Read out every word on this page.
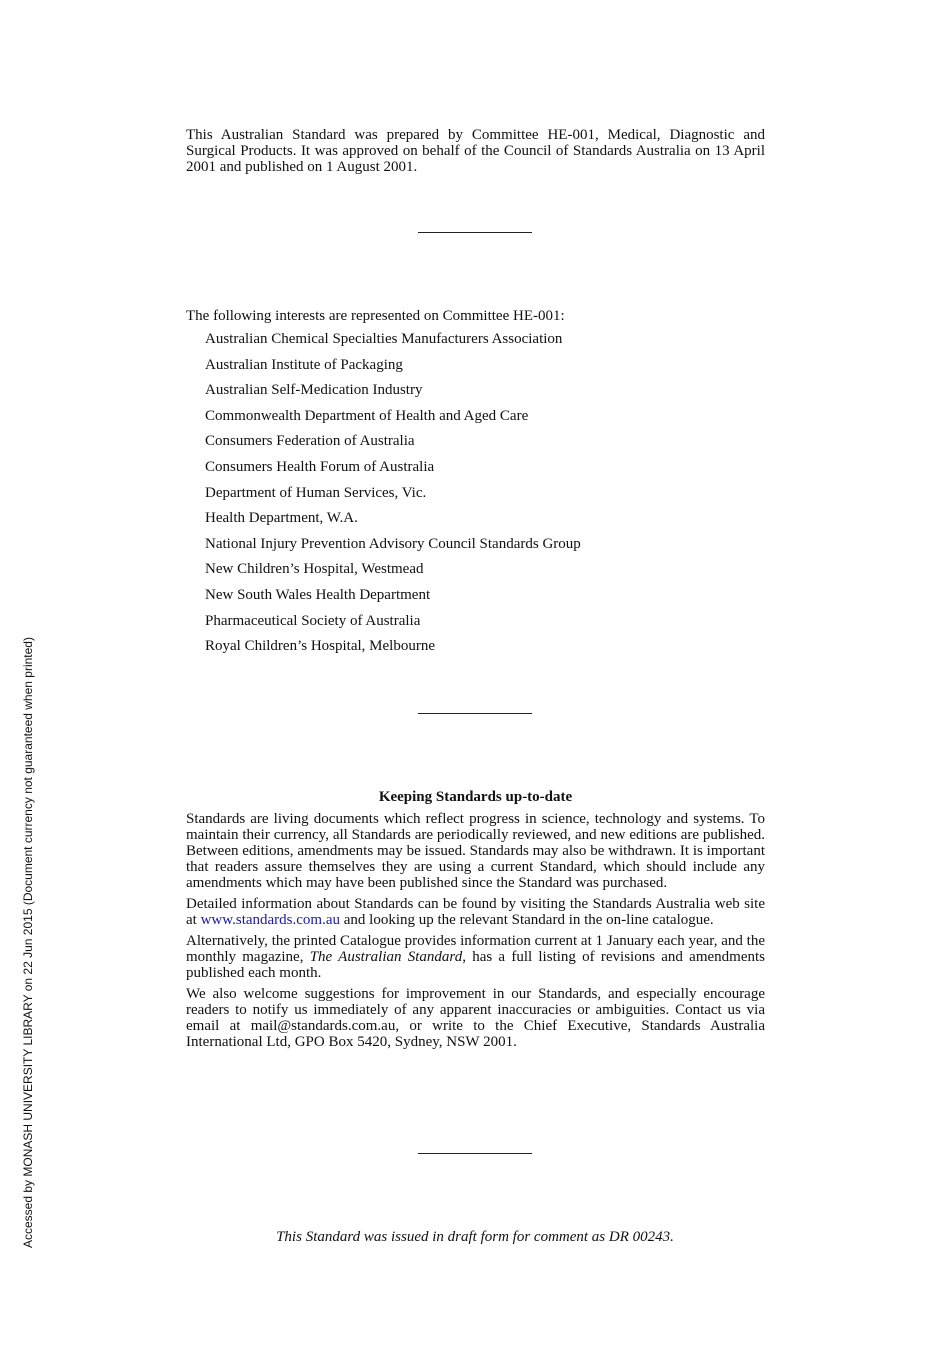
This Australian Standard was prepared by Committee HE-001, Medical, Diagnostic and Surgical Products. It was approved on behalf of the Council of Standards Australia on 13 April 2001 and published on 1 August 2001.

The following interests are represented on Committee HE-001:

Australian Chemical Specialties Manufacturers Association
Australian Institute of Packaging
Australian Self-Medication Industry
Commonwealth Department of Health and Aged Care
Consumers Federation of Australia
Consumers Health Forum of Australia
Department of Human Services, Vic.
Health Department, W.A.
National Injury Prevention Advisory Council Standards Group
New Children’s Hospital, Westmead
New South Wales Health Department
Pharmaceutical Society of Australia
Royal Children’s Hospital, Melbourne
Keeping Standards up-to-date

Standards are living documents which reflect progress in science, technology and systems. To maintain their currency, all Standards are periodically reviewed, and new editions are published. Between editions, amendments may be issued. Standards may also be withdrawn. It is important that readers assure themselves they are using a current Standard, which should include any amendments which may have been published since the Standard was purchased.

Detailed information about Standards can be found by visiting the Standards Australia web site at www.standards.com.au and looking up the relevant Standard in the on-line catalogue.

Alternatively, the printed Catalogue provides information current at 1 January each year, and the monthly magazine, The Australian Standard, has a full listing of revisions and amendments published each month.

We also welcome suggestions for improvement in our Standards, and especially encourage readers to notify us immediately of any apparent inaccuracies or ambiguities. Contact us via email at mail@standards.com.au, or write to the Chief Executive, Standards Australia International Ltd, GPO Box 5420, Sydney, NSW 2001.

This Standard was issued in draft form for comment as DR 00243.
Accessed by MONASH UNIVERSITY LIBRARY on 22 Jun 2015 (Document currency not guaranteed when printed)
